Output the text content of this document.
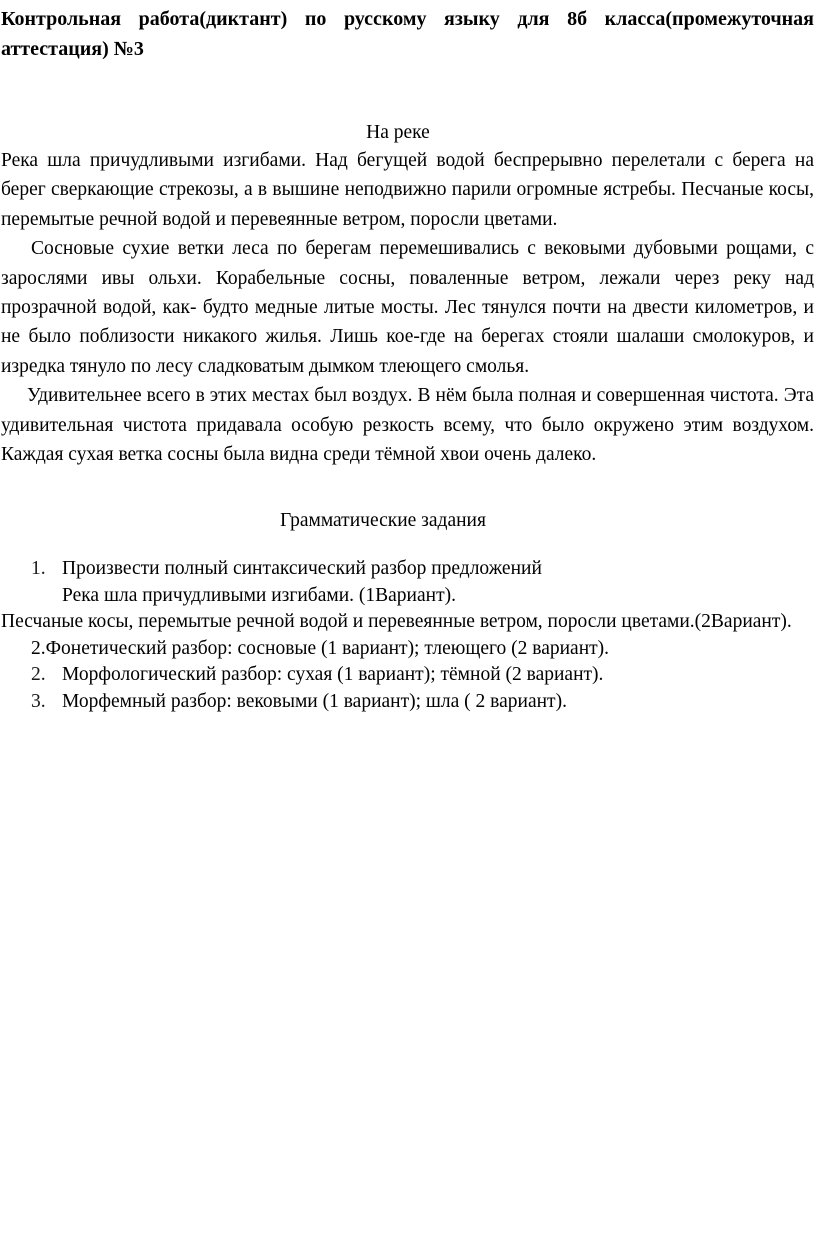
Контрольная работа(диктант) по русскому языку для 8б класса(промежуточная аттестация) №3
На реке

Река шла причудливыми изгибами. Над бегущей водой беспрерывно перелетали с берега на берег сверкающие стрекозы, а в вышине неподвижно парили огромные ястребы. Песчаные косы, перемытые речной водой и перевеянные ветром, поросли цветами.

Сосновые сухие ветки леса по берегам перемешивались с вековыми дубовыми рощами, с зарослями ивы ольхи. Корабельные сосны, поваленные ветром, лежали через реку над прозрачной водой, как- будто медные литые мосты. Лес тянулся почти на двести километров, и не было поблизости никакого жилья. Лишь кое-где на берегах стояли шалаши смолокуров, и изредка тянуло по лесу сладковатым дымком тлеющего смолья.

Удивительнее всего в этих местах был воздух. В нём была полная и совершенная чистота. Эта удивительная чистота придавала особую резкость всему, что было окружено этим воздухом. Каждая сухая ветка сосны была видна среди тёмной хвои очень далеко.

Грамматические задания

1. Произвести полный синтаксический разбор предложений

Река шла причудливыми изгибами. (1Вариант).

Песчаные косы, перемытые речной водой и перевеянные ветром, поросли цветами.(2Вариант).

2.Фонетический разбор: сосновые (1 вариант); тлеющего (2 вариант).

2. Морфологический разбор: сухая (1 вариант); тёмной (2 вариант).

3. Морфемный разбор: вековыми (1 вариант); шла ( 2 вариант).
